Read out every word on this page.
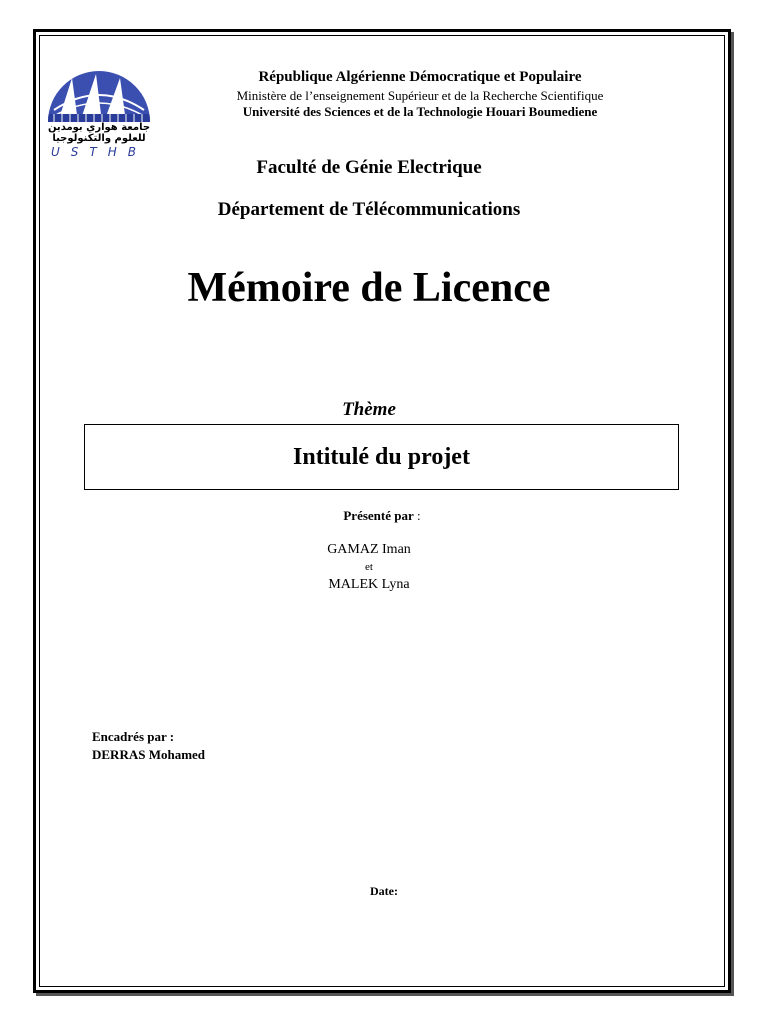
جامعة هواري بومدين
للعلوم والتكنولوجيا
USTHB
République Algérienne Démocratique et Populaire
Ministère de l’enseignement Supérieur et de la Recherche Scientifique
Université des Sciences et de la Technologie Houari Boumediene
Faculté de Génie Electrique
Département de Télécommunications
Mémoire de Licence
Thème
Intitulé du projet
Présenté par :
GAMAZ Iman
et
MALEK Lyna
Encadrés par :
DERRAS Mohamed
Date:
